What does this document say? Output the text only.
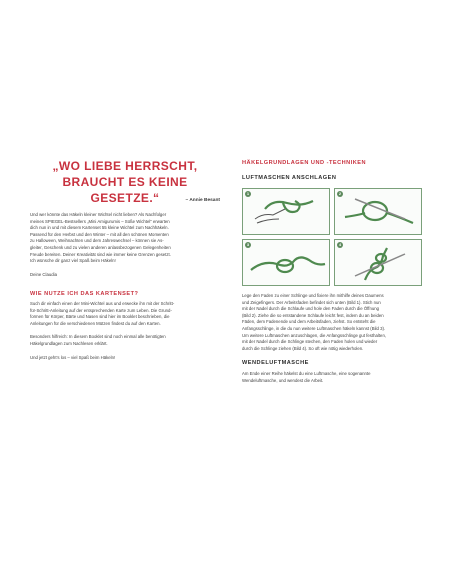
„WO LIEBE HERRSCHT,
BRAUCHT ES KEINE GESETZE.“	– Annie Besant
Und wer könnte das Häkeln kleiner Wichtel nicht lieben? Als Nachfolger
meines SPIEGEL-Bestsellers „Mini Amigurumis – Süße Wichtel“ erwarten
dich nun in und mit diesem Kartenset 55 kleine Wichtel zum Nachhäkeln.
Passend für den Herbst und den Winter – mit all den schönen Momenten
zu Halloween, Weihnachten und dem Jahreswechsel – können sie As-
gleiter, Geschenk und zu vielen anderen anlassbezogenen Gelegenheiten
Freude bereiten. Deiner Kreativität sind wie immer keine Grenzen gesetzt.
Ich wünsche dir ganz viel Spaß beim Häkeln!
Deine Claudia
WIE NUTZE ICH DAS KARTENSET?
Such dir einfach einen der Mini-Wichtel aus und erwecke ihn mit der Schritt-
für-Schritt-Anleitung auf der entsprechenden Karte zum Leben. Die Grund-
formen für Körper, Bärte und Nasen sind hier im Booklet beschrieben, die
Anleitungen für die verschiedenen Mützen findest du auf den Karten.
Besonders hilfreich: In diesem Booklet sind noch einmal alle benötigten
Häkelgrundlagen zum Nachlesen erklärt.
Und jetzt geht’s los – viel Spaß beim Häkeln!
HÄKELGRUNDLAGEN UND -TECHNIKEN
LUFTMASCHEN ANSCHLAGEN
1	2
3	4
Lege den Faden zu einer Schlinge und fixiere ihn mithilfe deines Daumens
und Zeigefingers. Der Arbeitsfaden befindet sich unten (Bild 1). Stich nun
mit der Nadel durch die Schlaufe und hole den Faden durch die Öffnung
(Bild 2). Ziehe die so entstandene Schlaufe leicht fest, indem du an beiden
Fäden, dem Fadenende und dem Arbeitsfaden, ziehst. So entsteht die
Anfangsschlinge, in die du nun weitere Luftmaschen häkeln kannst (Bild 3).
Um weitere Luftmaschen anzuschlagen, die Anfangsschlinge gut festhalten,
mit der Nadel durch die Schlinge stechen, den Faden holen und wieder
durch die Schlinge ziehen (Bild 4). So oft wie nötig wiederholen.
WENDELUFTMASCHE
Am Ende einer Reihe häkelst du eine Luftmasche, eine sogenannte
Wendeluftmasche, und wendest die Arbeit.
